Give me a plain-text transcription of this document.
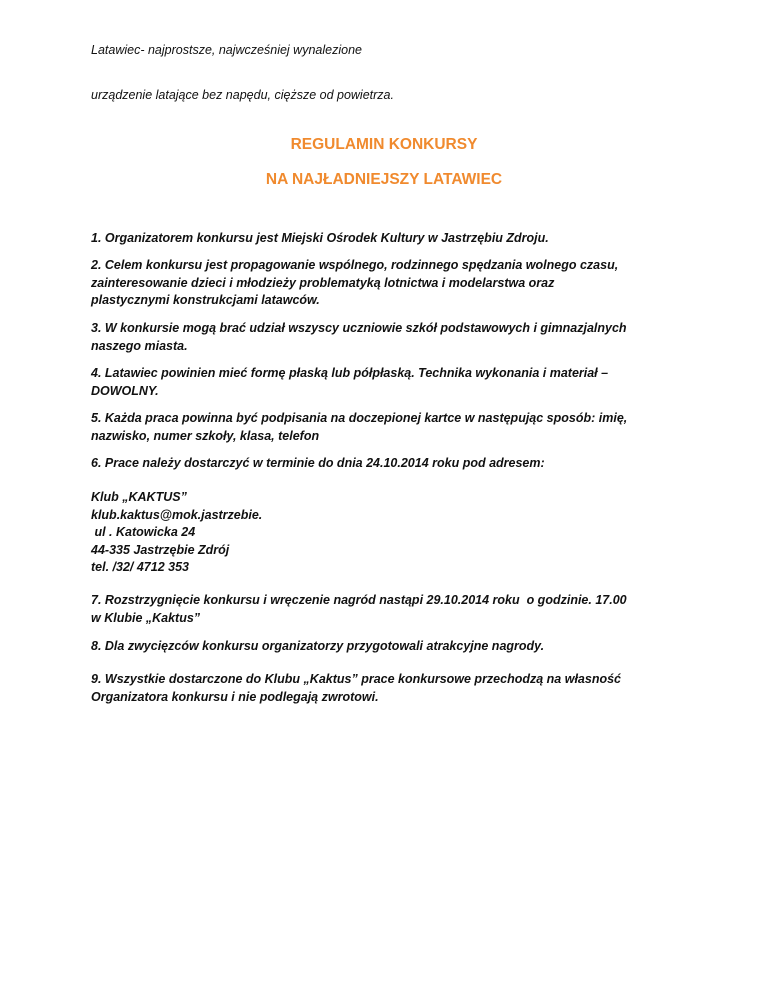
Latawiec- najprostsze, najwcześniej wynalezione
urządzenie latające bez napędu, cięższe od powietrza.
REGULAMIN KONKURSY
NA NAJŁADNIEJSZY LATAWIEC
1. Organizatorem konkursu jest Miejski Ośrodek Kultury w Jastrzębiu Zdroju.
2. Celem konkursu jest propagowanie wspólnego, rodzinnego spędzania wolnego czasu,
zainteresowanie dzieci i młodzieży problematyką lotnictwa i modelarstwa oraz
plastycznymi konstrukcjami latawców.
3. W konkursie mogą brać udział wszyscy uczniowie szkół podstawowych i gimnazjalnych
naszego miasta.
4. Latawiec powinien mieć formę płaską lub półpłaską. Technika wykonania i materiał –
DOWOLNY.
5. Każda praca powinna być podpisania na doczepionej kartce w następując sposób: imię,
nazwisko, numer szkoły, klasa, telefon
6. Prace należy dostarczyć w terminie do dnia 24.10.2014 roku pod adresem:
Klub „KAKTUS”
klub.kaktus@mok.jastrzebie.
ul . Katowicka 24
44-335 Jastrzębie Zdrój
tel. /32/ 4712 353
7. Rozstrzygnięcie konkursu i wręczenie nagród nastąpi 29.10.2014 roku  o godzinie. 17.00
w Klubie „Kaktus”
8. Dla zwycięzców konkursu organizatorzy przygotowali atrakcyjne nagrody.
9. Wszystkie dostarczone do Klubu „Kaktus” prace konkursowe przechodzą na własność
Organizatora konkursu i nie podlegają zwrotowi.
